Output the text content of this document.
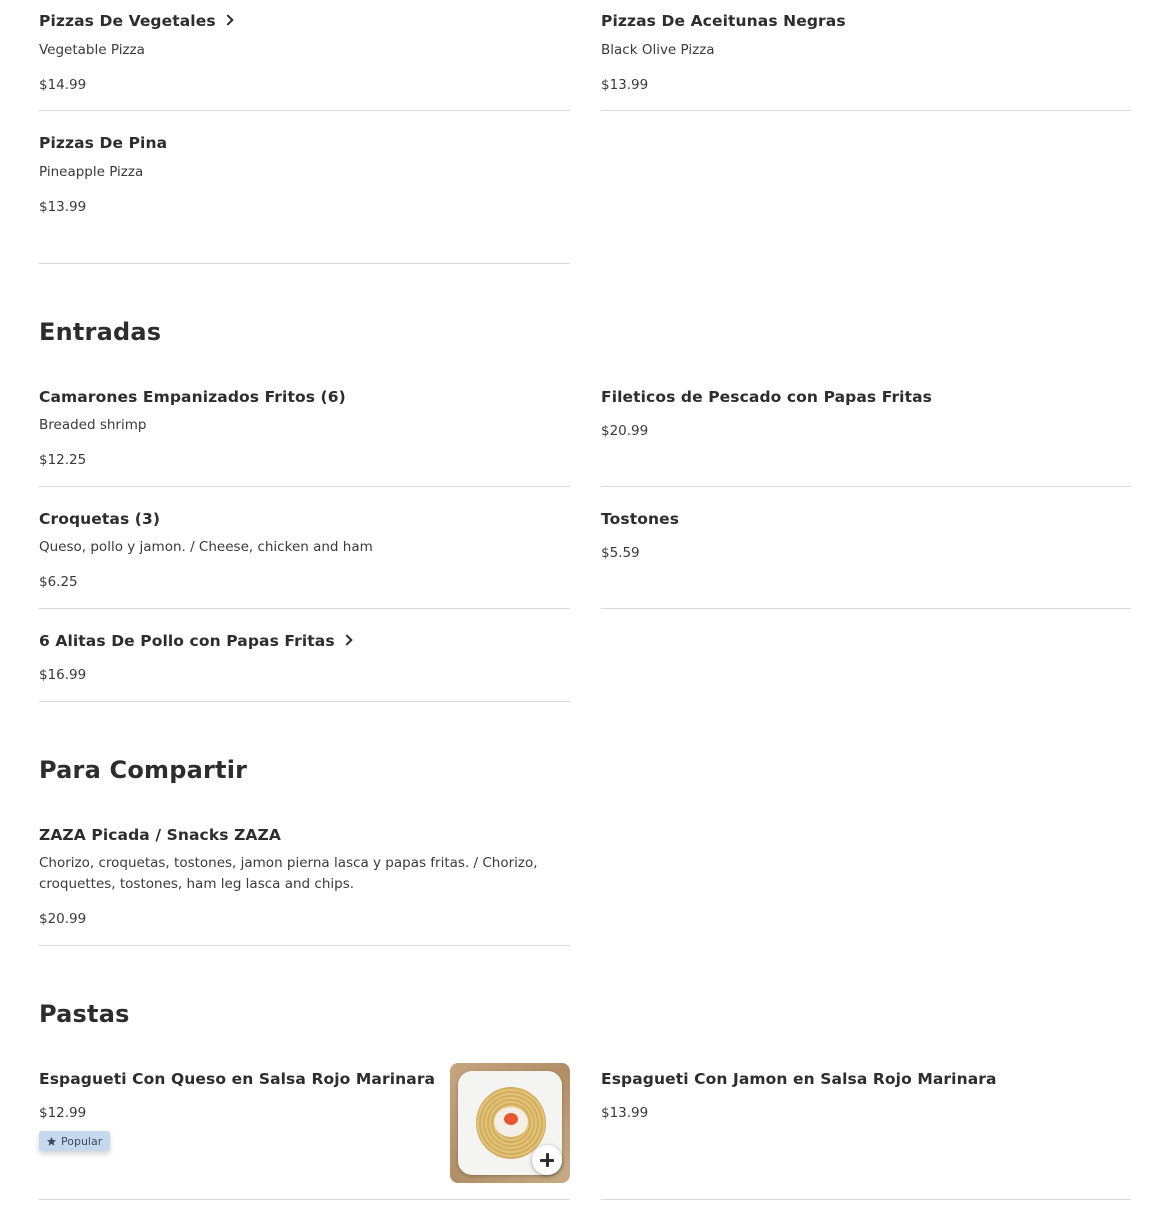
Pizzas De Vegetales
Vegetable Pizza
$14.99
Pizzas De Aceitunas Negras
Black Olive Pizza
$13.99
Pizzas De Pina
Pineapple Pizza
$13.99
Entradas
Camarones Empanizados Fritos (6)
Breaded shrimp
$12.25
Fileticos de Pescado con Papas Fritas
$20.99
Croquetas (3)
Queso, pollo y jamon. / Cheese, chicken and ham
$6.25
Tostones
$5.59
6 Alitas De Pollo con Papas Fritas
$16.99
Para Compartir
ZAZA Picada / Snacks ZAZA
Chorizo, croquetas, tostones, jamon pierna lasca y papas fritas. / Chorizo, croquettes, tostones, ham leg lasca and chips.
$20.99
Pastas
Espagueti Con Queso en Salsa Rojo Marinara
$12.99
Popular
Espagueti Con Jamon en Salsa Rojo Marinara
$13.99
